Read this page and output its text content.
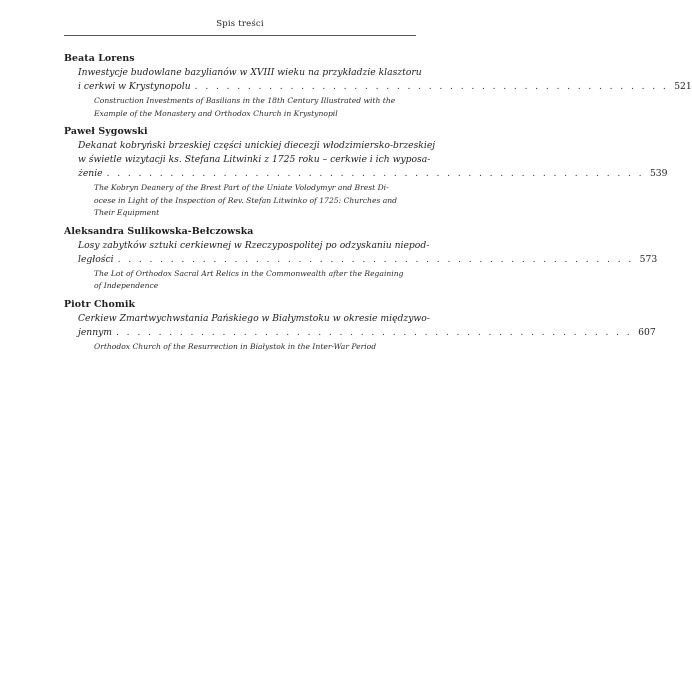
Spis treści
Beata Lorens
Inwestycje budowlane bazylianów w XVIII wieku na przykładzie klasztoru
i cerkwi w Krystynopolu . . . . . . . . . . . . . . . . . . . . . . . . . . . . . . . . . . . . . . . . . . . . . 521
Construction Investments of Basilians in the 18th Century Illustrated with the
Example of the Monastery and Orthodox Church in Krystynopil
Paweł Sygowski
Dekanat kobryński brzeskiej części unickiej diecezji włodzimiersko-brzeskiej
w świetle wizytacji ks. Stefana Litwinki z 1725 roku – cerkwie i ich wyposa-
żenie . . . . . . . . . . . . . . . . . . . . . . . . . . . . . . . . . . . . . . . . . . . . . . . . . . . 539
The Kobryn Deanery of the Brest Part of the Uniate Volodymyr and Brest Di-
ocese in Light of the Inspection of Rev. Stefan Litwinko of 1725: Churches and
Their Equipment
Aleksandra Sulikowska-Bełczowska
Losy zabytków sztuki cerkiewnej w Rzeczypospolitej po odzyskaniu niepod-
ległości . . . . . . . . . . . . . . . . . . . . . . . . . . . . . . . . . . . . . . . . . . . . . . . . . 573
The Lot of Orthodox Sacral Art Relics in the Commonwealth after the Regaining
of Independence
Piotr Chomik
Cerkiew Zmartwychwstania Pańskiego w Białymstoku w okresie międzywo-
jennym . . . . . . . . . . . . . . . . . . . . . . . . . . . . . . . . . . . . . . . . . . . . . . . . . 607
Orthodox Church of the Resurrection in Białystok in the Inter-War Period
